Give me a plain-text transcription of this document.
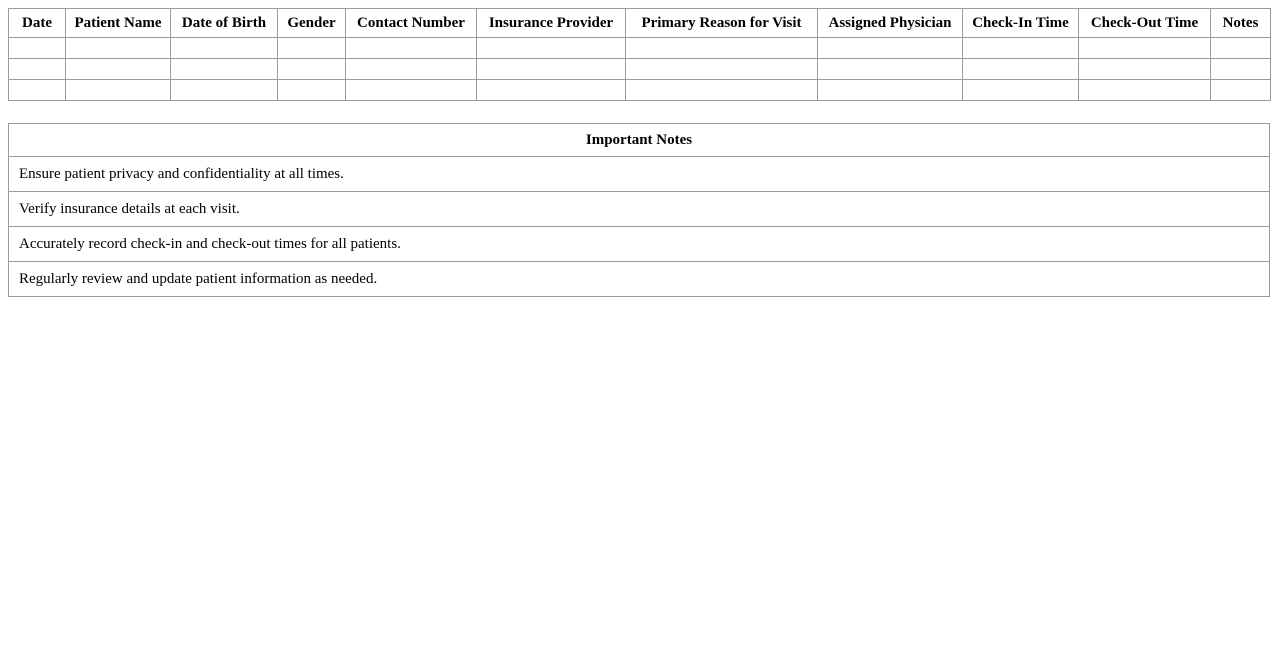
Date	Patient Name	Date of Birth	Gender	Contact Number	Insurance Provider	Primary Reason for Visit	Assigned Physician	Check-In Time	Check-Out Time	Notes

Important Notes
Ensure patient privacy and confidentiality at all times.
Verify insurance details at each visit.
Accurately record check-in and check-out times for all patients.
Regularly review and update patient information as needed.
